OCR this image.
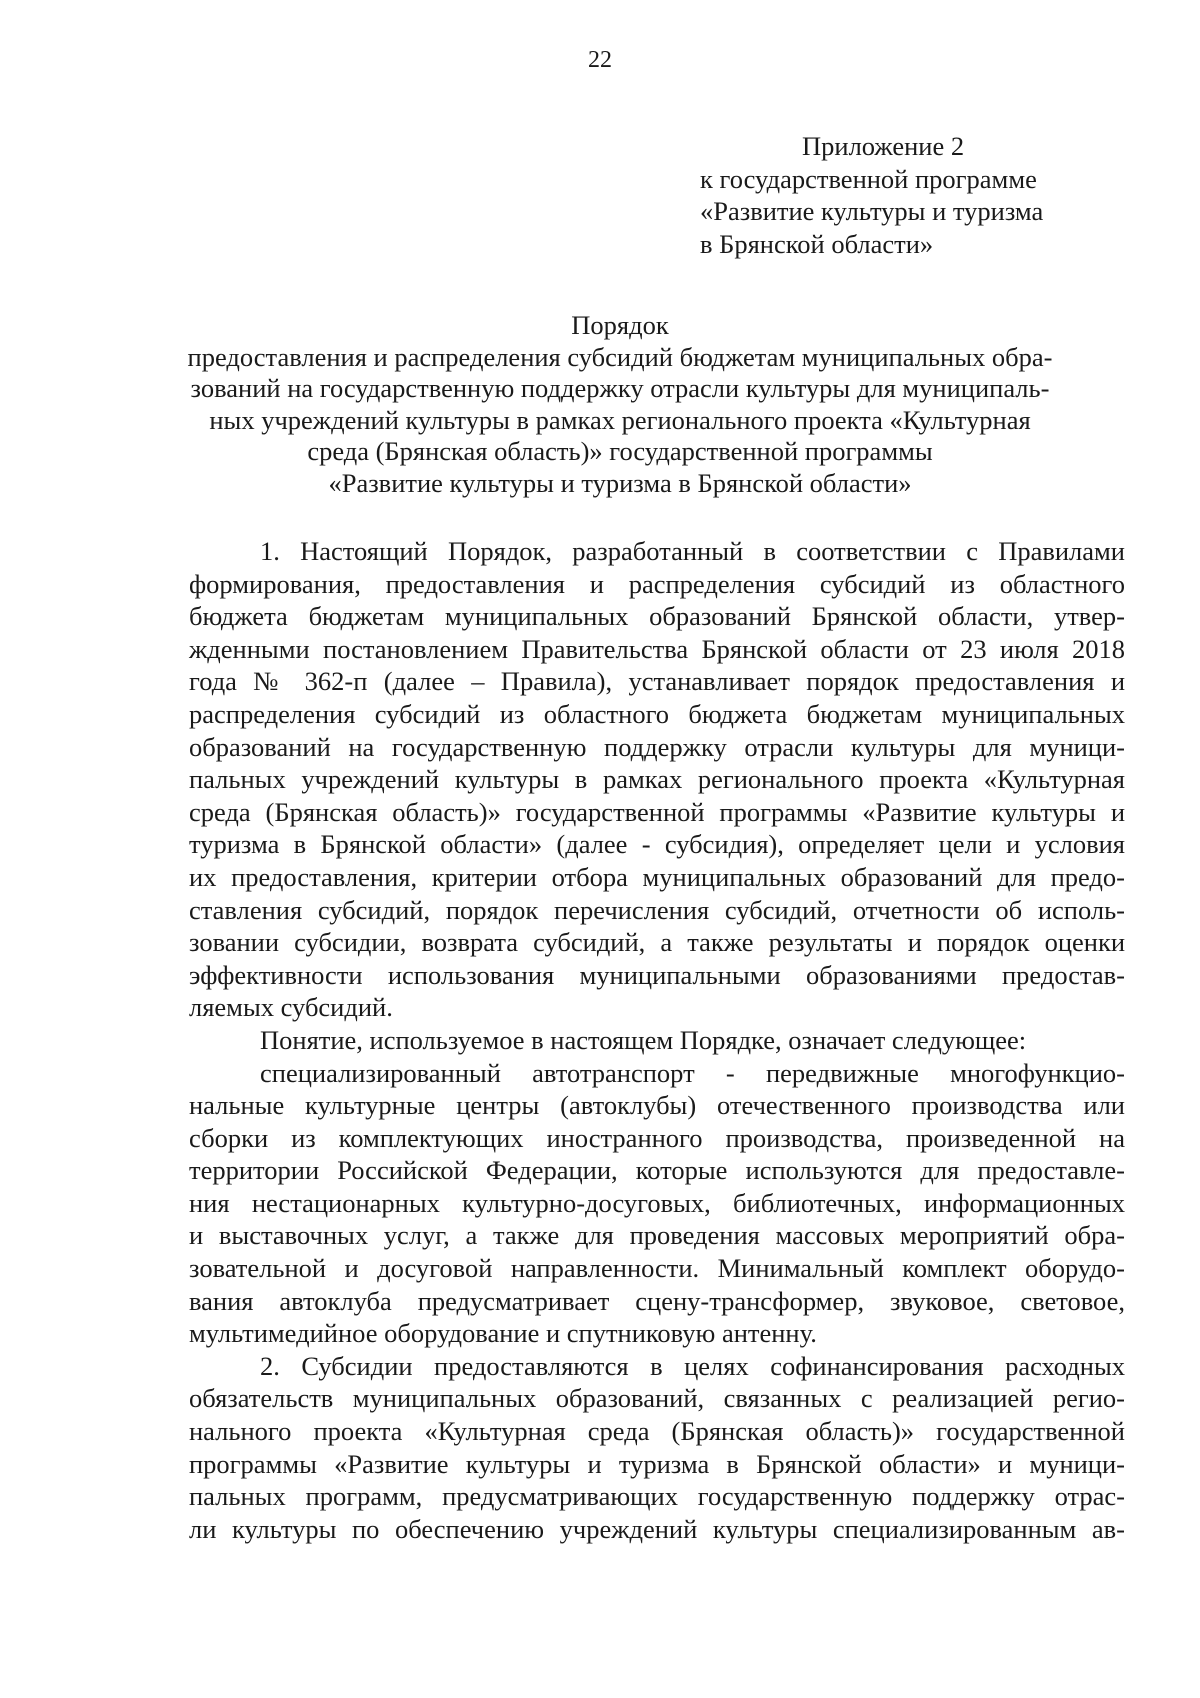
22
Приложение 2
к государственной программе
«Развитие культуры и туризма
в Брянской области»
Порядок
предоставления и распределения субсидий бюджетам муниципальных обра-
зований на государственную поддержку отрасли культуры для муниципаль-
ных учреждений культуры в рамках регионального проекта «Культурная
среда (Брянская область)» государственной программы
«Развитие культуры и туризма в Брянской области»
1. Настоящий Порядок, разработанный в соответствии с Правилами
формирования, предоставления и распределения субсидий из областного
бюджета бюджетам муниципальных образований Брянской области, утвер-
жденными постановлением Правительства Брянской области от 23 июля 2018
года № 362-п (далее – Правила), устанавливает порядок предоставления и
распределения субсидий из областного бюджета бюджетам муниципальных
образований на государственную поддержку отрасли культуры для муници-
пальных учреждений культуры в рамках регионального проекта «Культурная
среда (Брянская область)» государственной программы «Развитие культуры и
туризма в Брянской области» (далее - субсидия), определяет цели и условия
их предоставления, критерии отбора муниципальных образований для предо-
ставления субсидий, порядок перечисления субсидий, отчетности об исполь-
зовании субсидии, возврата субсидий, а также результаты и порядок оценки
эффективности использования муниципальными образованиями предостав-
ляемых субсидий.
Понятие, используемое в настоящем Порядке, означает следующее:
специализированный автотранспорт - передвижные многофункцио-
нальные культурные центры (автоклубы) отечественного производства или
сборки из комплектующих иностранного производства, произведенной на
территории Российской Федерации, которые используются для предоставле-
ния нестационарных культурно-досуговых, библиотечных, информационных
и выставочных услуг, а также для проведения массовых мероприятий обра-
зовательной и досуговой направленности. Минимальный комплект оборудо-
вания автоклуба предусматривает сцену-трансформер, звуковое, световое,
мультимедийное оборудование и спутниковую антенну.
2. Субсидии предоставляются в целях софинансирования расходных
обязательств муниципальных образований, связанных с реализацией регио-
нального проекта «Культурная среда (Брянская область)» государственной
программы «Развитие культуры и туризма в Брянской области» и муници-
пальных программ, предусматривающих государственную поддержку отрас-
ли культуры по обеспечению учреждений культуры специализированным ав-
